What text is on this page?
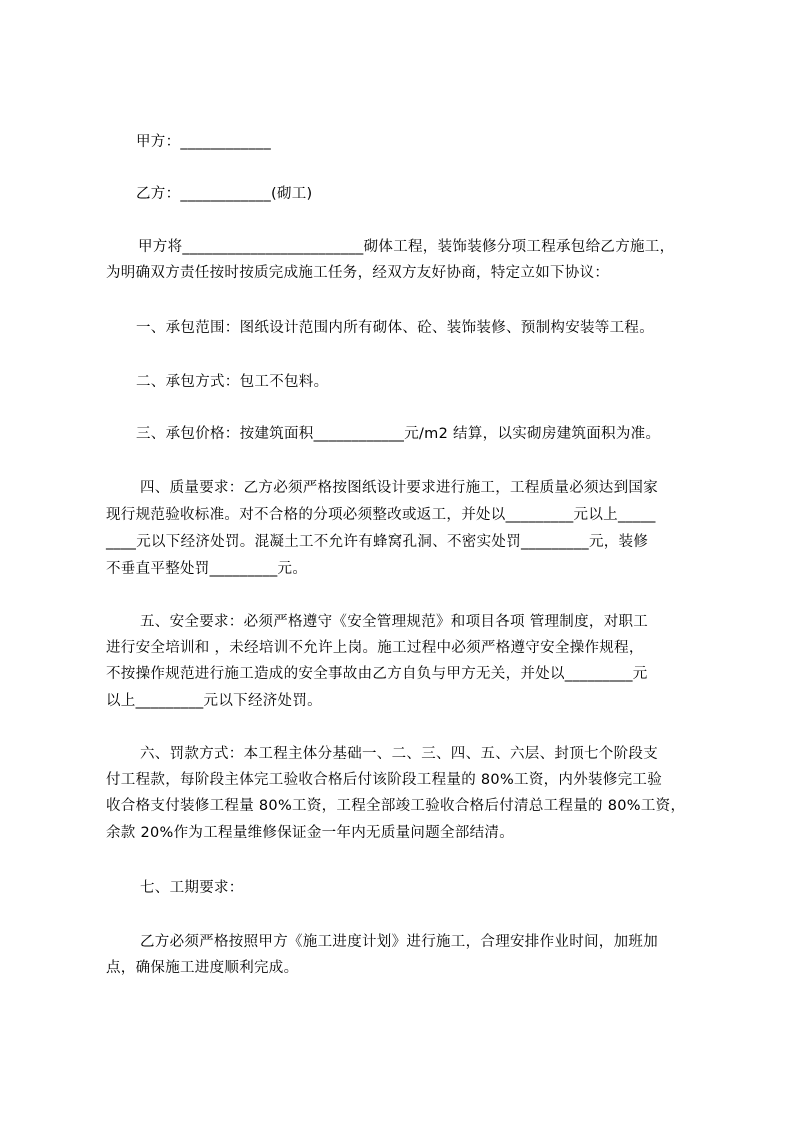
甲方：____________
乙方：____________(砌工)
甲方将________________________砌体工程，装饰装修分项工程承包给乙方施工，
为明确双方责任按时按质完成施工任务，经双方友好协商，特定立如下协议：
一、承包范围：图纸设计范围内所有砌体、砼、装饰装修、预制构安装等工程。
二、承包方式：包工不包料。
三、承包价格：按建筑面积____________元/m2 结算，以实砌房建筑面积为准。
四、质量要求：乙方必须严格按图纸设计要求进行施工，工程质量必须达到国家
现行规范验收标准。对不合格的分项必须整改或返工，并处以_________元以上_____
____元以下经济处罚。混凝土工不允许有蜂窝孔洞、不密实处罚_________元，装修
不垂直平整处罚_________元。
五、安全要求：必须严格遵守《安全管理规范》和项目各项 管理制度，对职工
进行安全培训和 ，未经培训不允许上岗。施工过程中必须严格遵守安全操作规程，
不按操作规范进行施工造成的安全事故由乙方自负与甲方无关，并处以_________元
以上_________元以下经济处罚。
六、罚款方式：本工程主体分基础一、二、三、四、五、六层、封顶七个阶段支
付工程款，每阶段主体完工验收合格后付该阶段工程量的 80%工资，内外装修完工验
收合格支付装修工程量 80%工资，工程全部竣工验收合格后付清总工程量的 80%工资，
余款 20%作为工程量维修保证金一年内无质量问题全部结清。
七、工期要求：
乙方必须严格按照甲方《施工进度计划》进行施工，合理安排作业时间，加班加
点，确保施工进度顺利完成。
